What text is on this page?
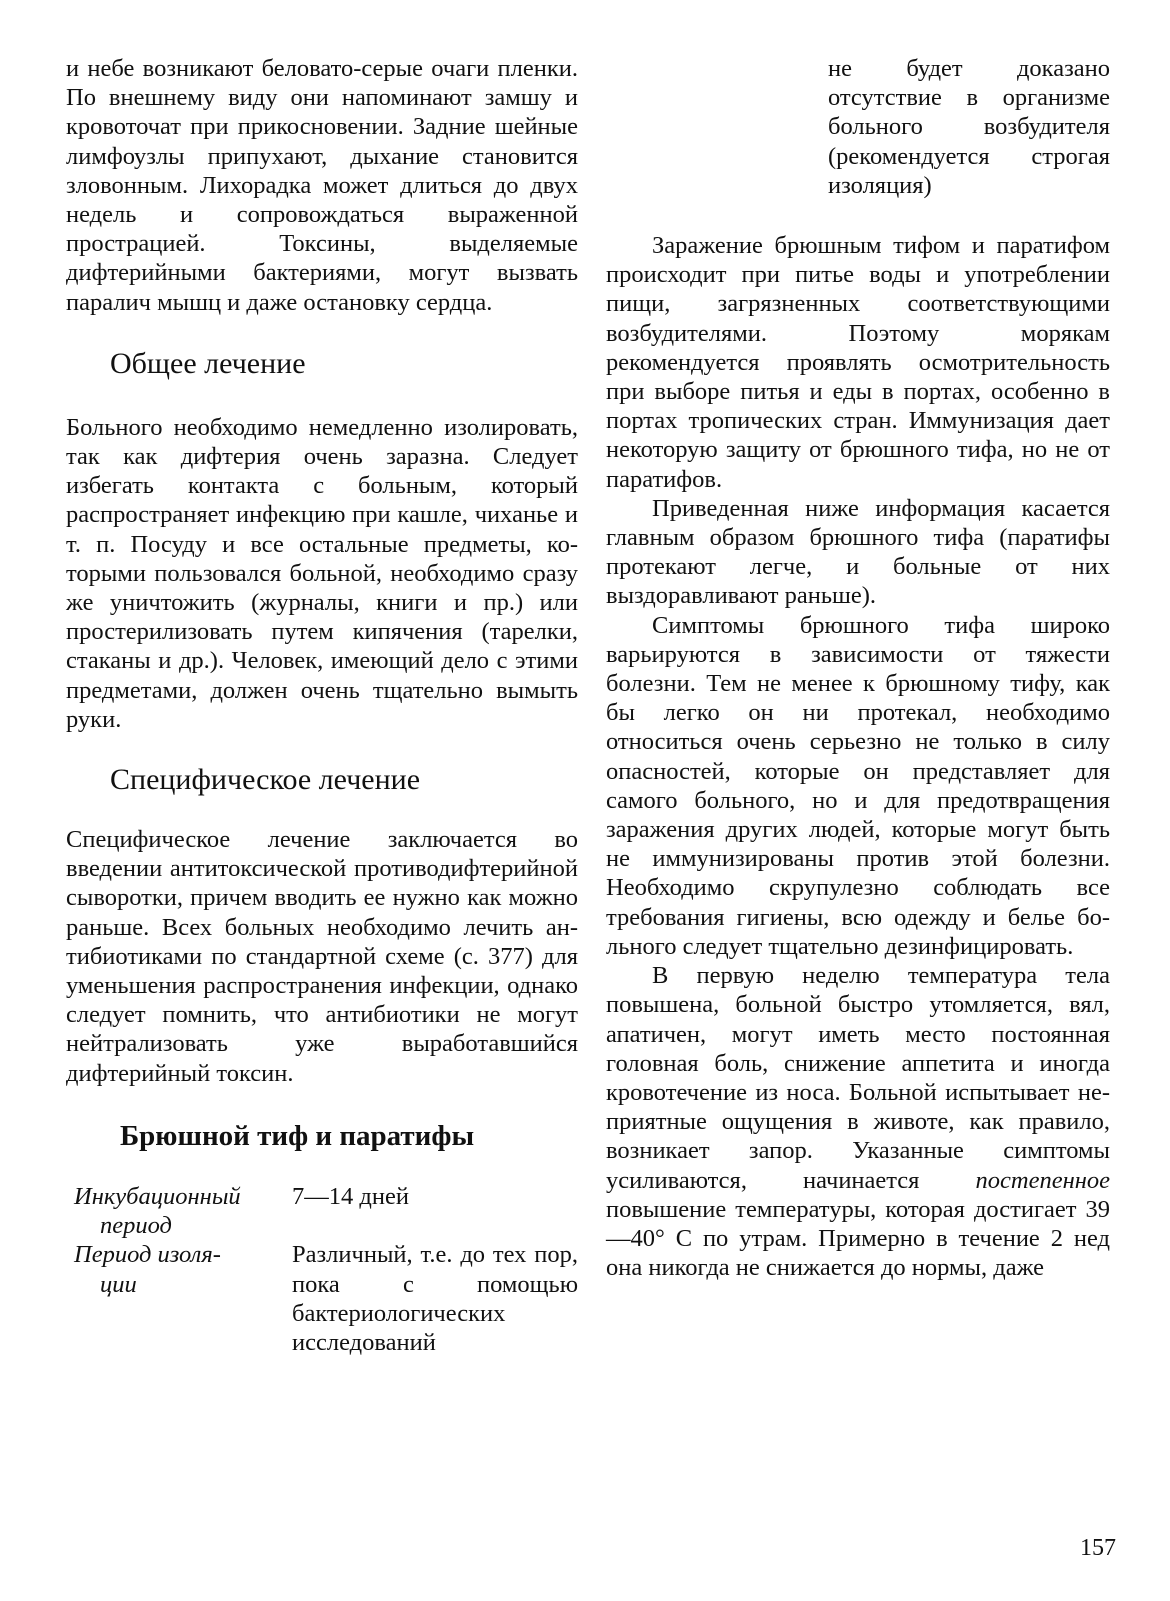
и небе возникают беловато-серые очаги пленки. По внешнему виду они напоминают замшу и кровоточат при прикосновении. Задние шейные лимфоузлы припухают, дыхание становится зловонным. Лихорадка может длиться до двух недель и сопровождаться выраженной прострацией. Токсины, выделяемые дифтерийными бактериями, могут вызвать паралич мышц и даже остановку сердца.

Общее лечение

Больного необходимо немедленно изолировать, так как дифтерия очень заразна. Следует избегать контакта с больным, который распространяет инфекцию при кашле, чиханье и т. п. Посуду и все остальные предметы, которыми пользовался больной, необходимо сразу же уничтожить (журналы, книги и пр.) или простерилизовать путем кипячения (тарелки, стаканы и др.). Человек, имеющий дело с этими предметами, должен очень тщательно вымыть руки.

Специфическое лечение

Специфическое лечение заключается во введении антитоксической противодифтерийной сыворотки, причем вводить ее нужно как можно раньше. Всех больных необходимо лечить антибиотиками по стандартной схеме (с. 377) для уменьшения распространения инфекции, однако следует помнить, что антибиотики не могут нейтрализовать уже выработавшийся дифтерийный токсин.

Брюшной тиф и паратифы
Инкубационный
период
7—14 дней
Период изоля-
ции
Различный, т.е. до тех пор, пока с помощью бактериологических исследований

не будет доказано отсутствие в организме больного возбудителя (рекомендуется строгая изоляция)

Заражение брюшным тифом и паратифом происходит при питье воды и употреблении пищи, загрязненных соответствующими возбудителями. Поэтому морякам рекомендуется проявлять осмотрительность при выборе питья и еды в портах, особенно в портах тропических стран. Иммунизация дает некоторую защиту от брюшного тифа, но не от паратифов.

Приведенная ниже информация касается главным образом брюшного тифа (паратифы протекают легче, и больные от них выздоравливают раньше).

Симптомы брюшного тифа широко варьируются в зависимости от тяжести болезни. Тем не менее к брюшному тифу, как бы легко он ни протекал, необходимо относиться очень серьезно не только в силу опасностей, которые он представляет для самого больного, но и для предотвращения заражения других людей, которые могут быть не иммунизированы против этой болезни. Необходимо скрупулезно соблюдать все требования гигиены, всю одежду и белье больного следует тщательно дезинфицировать.

В первую неделю температура тела повышена, больной быстро утомляется, вял, апатичен, могут иметь место постоянная головная боль, снижение аппетита и иногда кровотечение из носа. Больной испытывает неприятные ощущения в животе, как правило, возникает запор. Указанные симптомы усиливаются, начинается постепенное повышение температуры, которая достигает 39—40° С по утрам. Примерно в течение 2 нед она никогда не снижается до нормы, даже

157
